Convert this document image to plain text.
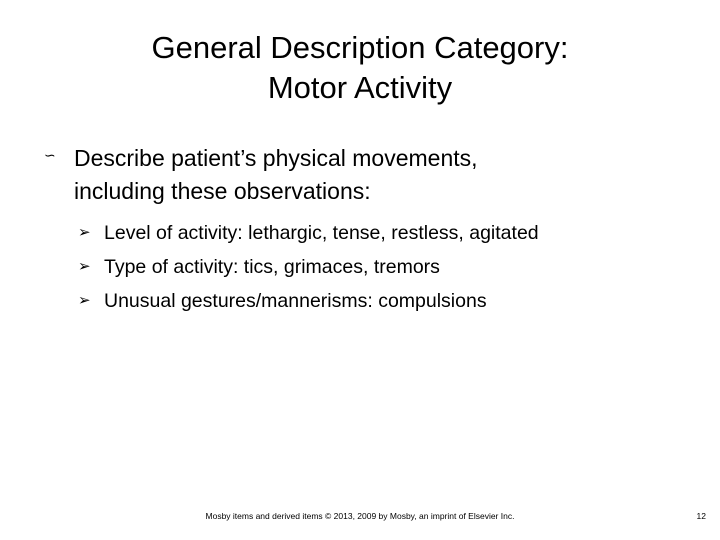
General Description Category:
Motor Activity
∽ Describe patient’s physical movements,
including these observations:
➢ Level of activity: lethargic, tense, restless, agitated
➢ Type of activity: tics, grimaces, tremors
➢ Unusual gestures/mannerisms: compulsions
Mosby items and derived items © 2013, 2009 by Mosby, an imprint of Elsevier Inc.	12
